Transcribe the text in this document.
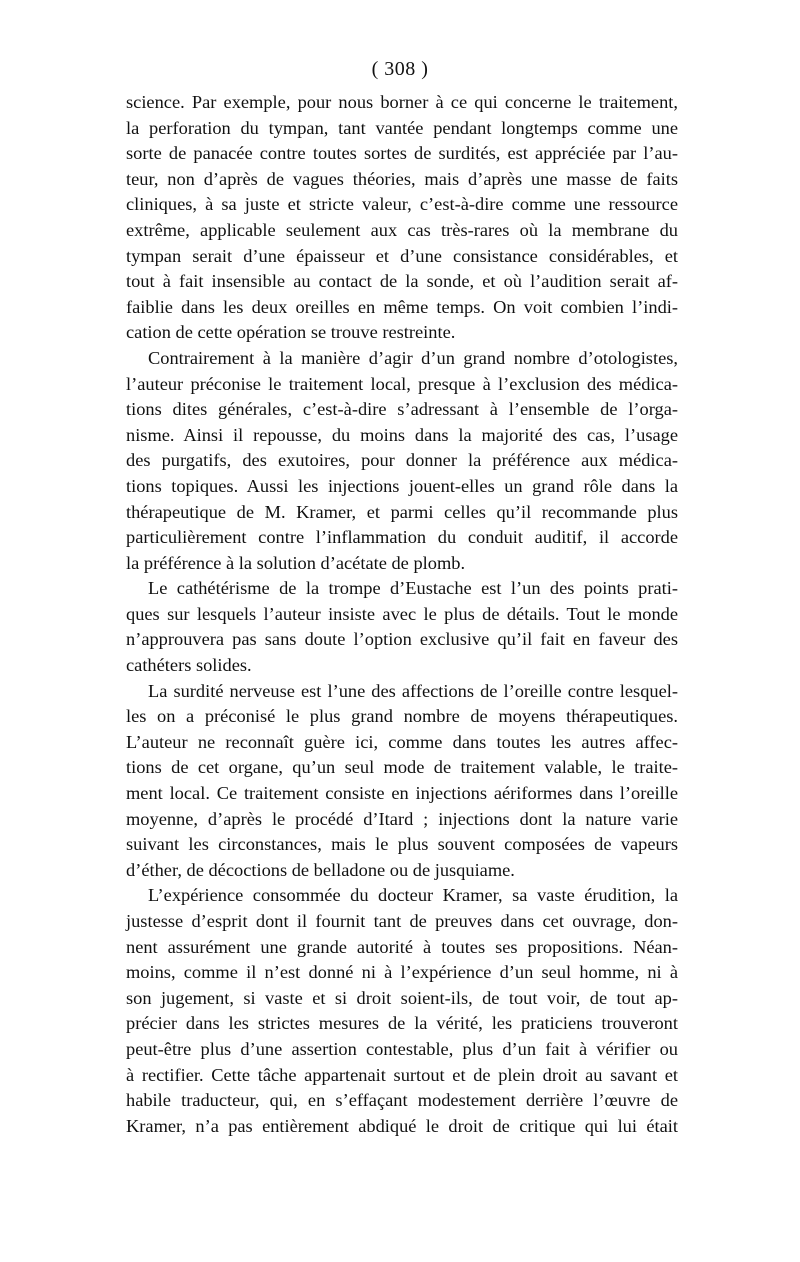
( 308 )
science. Par exemple, pour nous borner à ce qui concerne le traitement,
la perforation du tympan, tant vantée pendant longtemps comme une
sorte de panacée contre toutes sortes de surdités, est appréciée par l’au-
teur, non d’après de vagues théories, mais d’après une masse de faits
cliniques, à sa juste et stricte valeur, c’est-à-dire comme une ressource
extrême, applicable seulement aux cas très-rares où la membrane du
tympan serait d’une épaisseur et d’une consistance considérables, et
tout à fait insensible au contact de la sonde, et où l’audition serait af-
faiblie dans les deux oreilles en même temps. On voit combien l’indi-
cation de cette opération se trouve restreinte.
Contrairement à la manière d’agir d’un grand nombre d’otologistes,
l’auteur préconise le traitement local, presque à l’exclusion des médica-
tions dites générales, c’est-à-dire s’adressant à l’ensemble de l’orga-
nisme. Ainsi il repousse, du moins dans la majorité des cas, l’usage
des purgatifs, des exutoires, pour donner la préférence aux médica-
tions topiques. Aussi les injections jouent-elles un grand rôle dans la
thérapeutique de M. Kramer, et parmi celles qu’il recommande plus
particulièrement contre l’inflammation du conduit auditif, il accorde
la préférence à la solution d’acétate de plomb.
Le cathétérisme de la trompe d’Eustache est l’un des points prati-
ques sur lesquels l’auteur insiste avec le plus de détails. Tout le monde
n’approuvera pas sans doute l’option exclusive qu’il fait en faveur des
cathéters solides.
La surdité nerveuse est l’une des affections de l’oreille contre lesquel-
les on a préconisé le plus grand nombre de moyens thérapeutiques.
L’auteur ne reconnaît guère ici, comme dans toutes les autres affec-
tions de cet organe, qu’un seul mode de traitement valable, le traite-
ment local. Ce traitement consiste en injections aériformes dans l’oreille
moyenne, d’après le procédé d’Itard ; injections dont la nature varie
suivant les circonstances, mais le plus souvent composées de vapeurs
d’éther, de décoctions de belladone ou de jusquiame.
L’expérience consommée du docteur Kramer, sa vaste érudition, la
justesse d’esprit dont il fournit tant de preuves dans cet ouvrage, don-
nent assurément une grande autorité à toutes ses propositions. Néan-
moins, comme il n’est donné ni à l’expérience d’un seul homme, ni à
son jugement, si vaste et si droit soient-ils, de tout voir, de tout ap-
précier dans les strictes mesures de la vérité, les praticiens trouveront
peut-être plus d’une assertion contestable, plus d’un fait à vérifier ou
à rectifier. Cette tâche appartenait surtout et de plein droit au savant et
habile traducteur, qui, en s’effaçant modestement derrière l’œuvre de
Kramer, n’a pas entièrement abdiqué le droit de critique qui lui était
